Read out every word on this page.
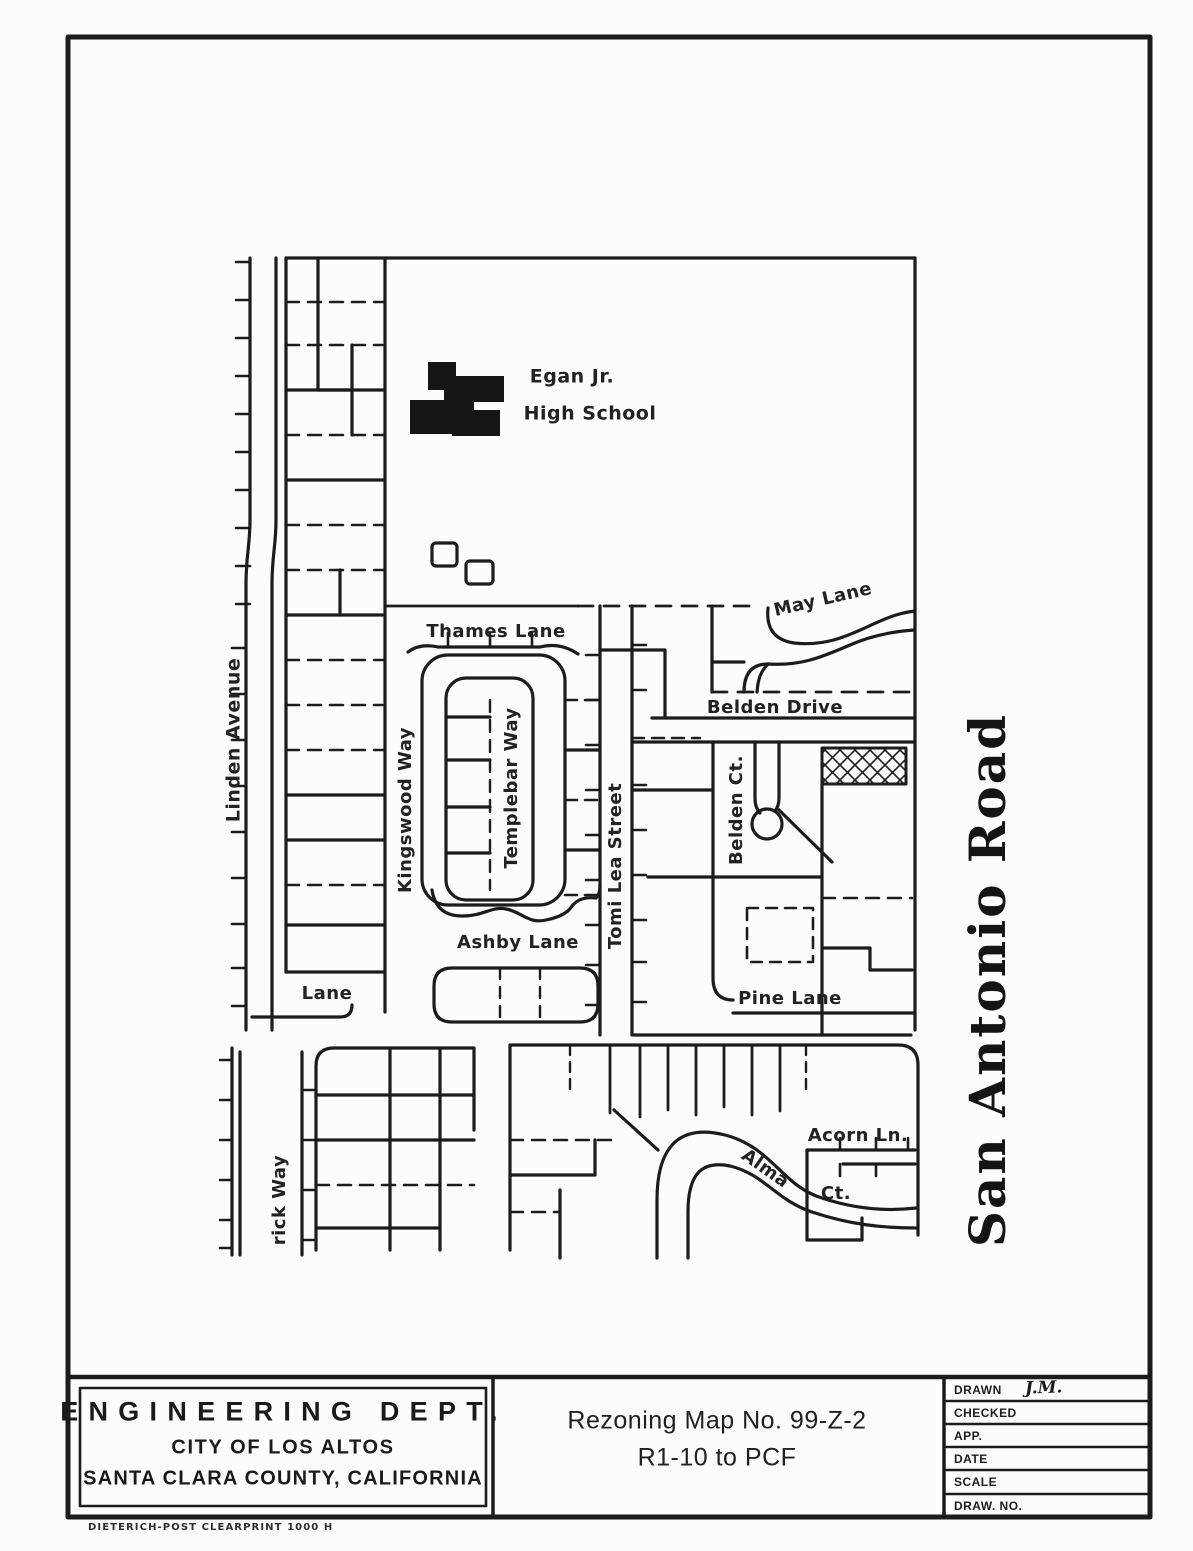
Egan Jr.
High School
Linden Avenue
Thames Lane
May Lane
Belden Drive
Kingswood Way	Templebar Way	Tomi Lea Street	Belden Ct.
Ashby Lane
Pine Lane
Lane
rick Way	Alma
Acorn Ln.
Ct. San Antonio Road
ENGINEERING DEPT.
CITY OF LOS ALTOS
SANTA CLARA COUNTY, CALIFORNIA
Rezoning Map No. 99-Z-2
R1-10 to PCF
DRAWN J.M.
CHECKED
APP.
DATE
SCALE
DRAW. NO.
DIETERICH-POST CLEARPRINT 1000 H
